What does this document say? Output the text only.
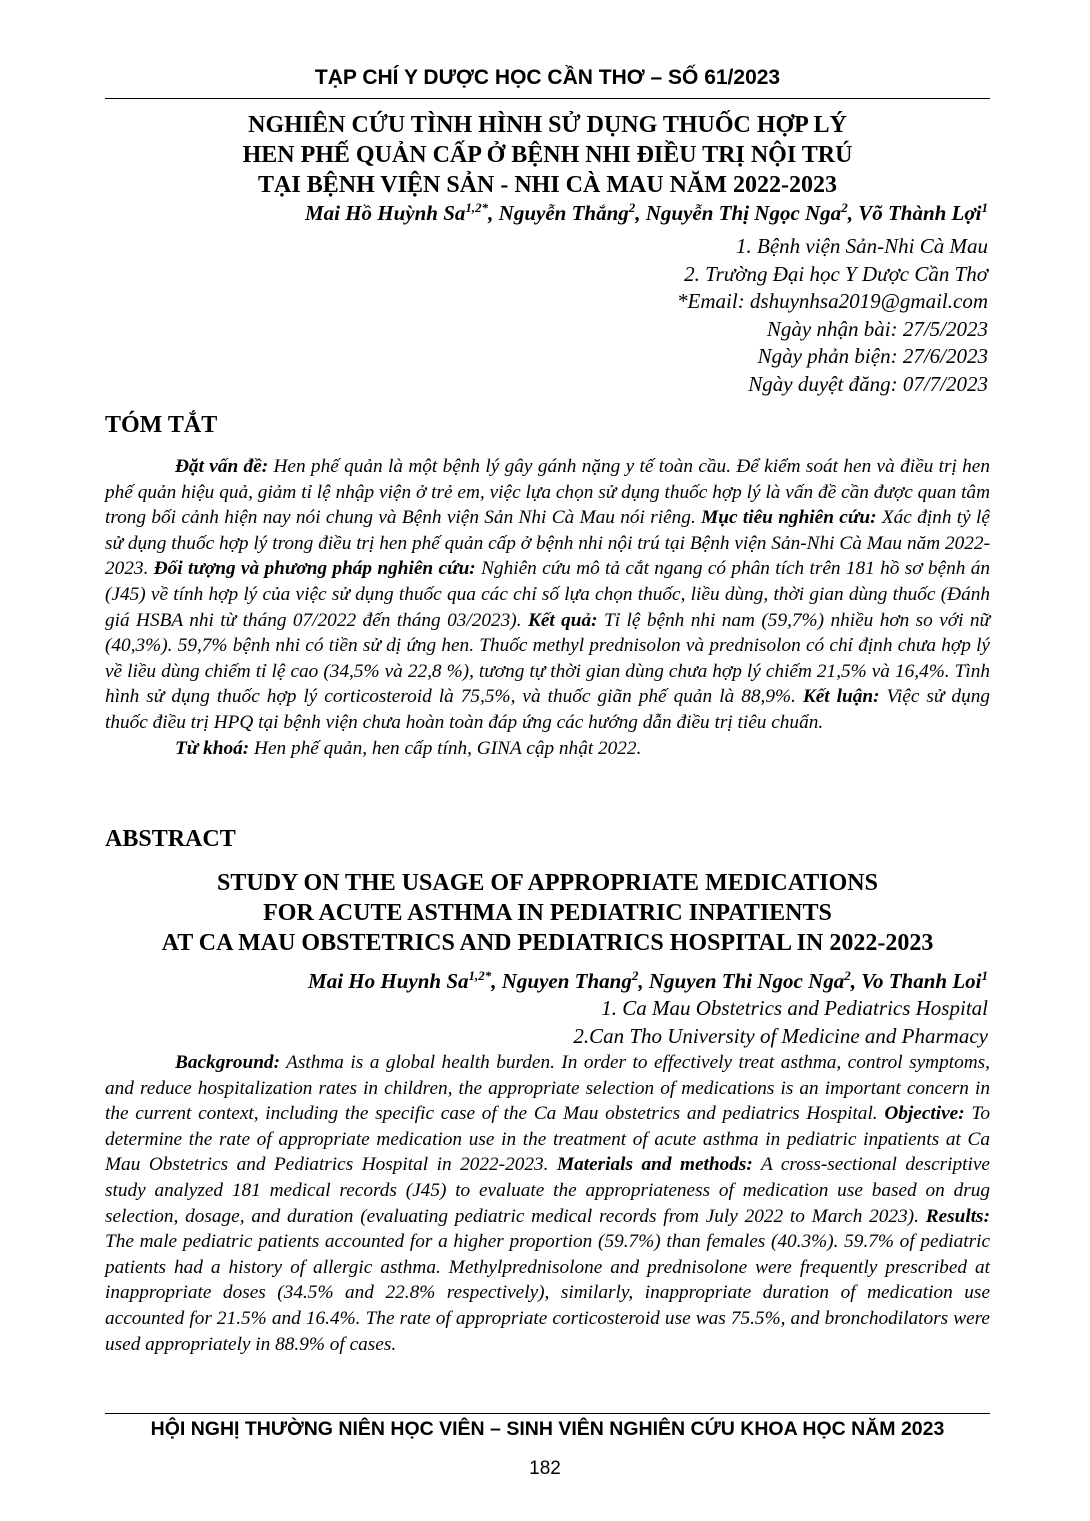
TẠP CHÍ Y DƯỢC HỌC CẦN THƠ – SỐ 61/2023
NGHIÊN CỨU TÌNH HÌNH SỬ DỤNG THUỐC HỢP LÝ
HEN PHẾ QUẢN CẤP Ở BỆNH NHI ĐIỀU TRỊ NỘI TRÚ
TẠI BỆNH VIỆN SẢN - NHI CÀ MAU NĂM 2022-2023
Mai Hồ Huỳnh $Sa^{1,2*}$, Nguyễn Thắng$^2$, Nguyễn Thị Ngọc Nga$^2$, Võ Thành Lợi$^1$
1. Bệnh viện Sản-Nhi Cà Mau
2. Trường Đại học Y Dược Cần Thơ
*Email: dshuynhsa2019@gmail.com
Ngày nhận bài: 27/5/2023
Ngày phản biện: 27/6/2023
Ngày duyệt đăng: 07/7/2023
TÓM TẮT

Đặt vấn đề: Hen phế quản là một bệnh lý gây gánh nặng y tế toàn cầu. Để kiểm soát hen và điều trị hen phế quản hiệu quả, giảm tỉ lệ nhập viện ở trẻ em, việc lựa chọn sử dụng thuốc hợp lý là vấn đề cần được quan tâm trong bối cảnh hiện nay nói chung và Bệnh viện Sản Nhi Cà Mau nói riêng. Mục tiêu nghiên cứu: Xác định tỷ lệ sử dụng thuốc hợp lý trong điều trị hen phế quản cấp ở bệnh nhi nội trú tại Bệnh viện Sản-Nhi Cà Mau năm 2022-2023. Đối tượng và phương pháp nghiên cứu: Nghiên cứu mô tả cắt ngang có phân tích trên 181 hồ sơ bệnh án (J45) về tính hợp lý của việc sử dụng thuốc qua các chỉ số lựa chọn thuốc, liều dùng, thời gian dùng thuốc (Đánh giá HSBA nhi từ tháng 07/2022 đến tháng 03/2023). Kết quả: Tỉ lệ bệnh nhi nam (59,7%) nhiều hơn so với nữ (40,3%). 59,7% bệnh nhi có tiền sử dị ứng hen. Thuốc methyl prednisolon và prednisolon có chỉ định chưa hợp lý về liều dùng chiếm tỉ lệ cao (34,5% và 22,8 %), tương tự thời gian dùng chưa hợp lý chiếm 21,5% và 16,4%. Tình hình sử dụng thuốc hợp lý corticosteroid là 75,5%, và thuốc giãn phế quản là 88,9%. Kết luận: Việc sử dụng thuốc điều trị HPQ tại bệnh viện chưa hoàn toàn đáp ứng các hướng dẫn điều trị tiêu chuẩn.

Từ khoá: Hen phế quản, hen cấp tính, GINA cập nhật 2022.

ABSTRACT
STUDY ON THE USAGE OF APPROPRIATE MEDICATIONS
FOR ACUTE ASTHMA IN PEDIATRIC INPATIENTS
AT CA MAU OBSTETRICS AND PEDIATRICS HOSPITAL IN 2022-2023
Mai Ho Huynh $Sa^{1,2*}$, Nguyen Thang$^2$, Nguyen Thi Ngoc Nga$^2$, Vo Thanh Loi$^1$
1. Ca Mau Obstetrics and Pediatrics Hospital
2.Can Tho University of Medicine and Pharmacy

Background: Asthma is a global health burden. In order to effectively treat asthma, control symptoms, and reduce hospitalization rates in children, the appropriate selection of medications is an important concern in the current context, including the specific case of the Ca Mau obstetrics and pediatrics Hospital. Objective: To determine the rate of appropriate medication use in the treatment of acute asthma in pediatric inpatients at Ca Mau Obstetrics and Pediatrics Hospital in 2022-2023. Materials and methods: A cross-sectional descriptive study analyzed 181 medical records (J45) to evaluate the appropriateness of medication use based on drug selection, dosage, and duration (evaluating pediatric medical records from July 2022 to March 2023). Results: The male pediatric patients accounted for a higher proportion (59.7%) than females (40.3%). 59.7% of pediatric patients had a history of allergic asthma. Methylprednisolone and prednisolone were frequently prescribed at inappropriate doses (34.5% and 22.8% respectively), similarly, inappropriate duration of medication use accounted for 21.5% and 16.4%. The rate of appropriate corticosteroid use was 75.5%, and bronchodilators were used appropriately in 88.9% of cases.

HỘI NGHỊ THƯỜNG NIÊN HỌC VIÊN – SINH VIÊN NGHIÊN CỨU KHOA HỌC NĂM 2023
182
